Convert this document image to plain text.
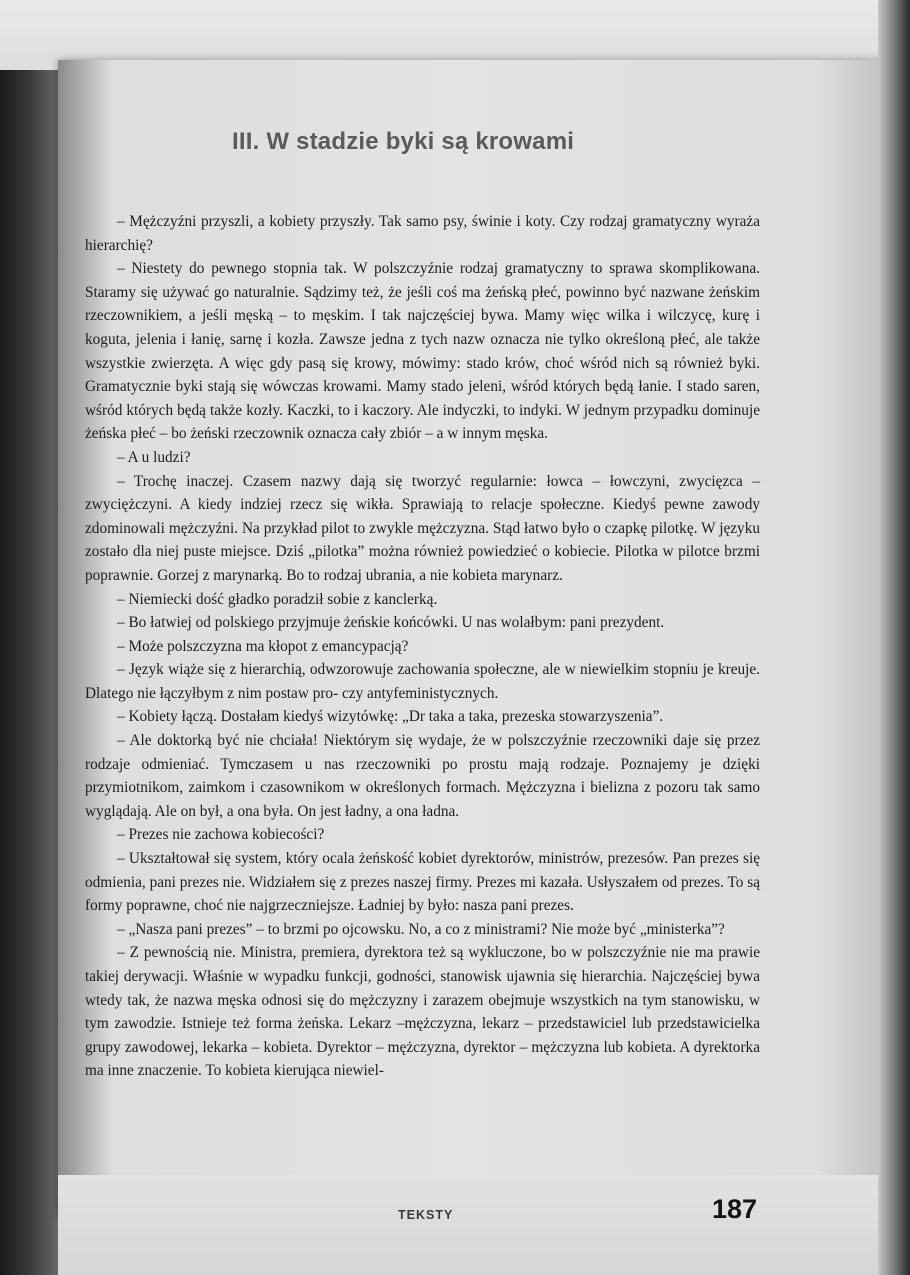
III. W stadzie byki są krowami

– Mężczyźni przyszli, a kobiety przyszły. Tak samo psy, świnie i koty. Czy rodzaj gramatyczny wyraża hierarchię?

– Niestety do pewnego stopnia tak. W polszczyźnie rodzaj gramatyczny to sprawa skomplikowana. Staramy się używać go naturalnie. Sądzimy też, że jeśli coś ma żeńską płeć, powinno być nazwane żeńskim rzeczownikiem, a jeśli męską – to męskim. I tak najczęściej bywa. Mamy więc wilka i wilczycę, kurę i koguta, jelenia i łanię, sarnę i kozła. Zawsze jedna z tych nazw oznacza nie tylko określoną płeć, ale także wszystkie zwierzęta. A więc gdy pasą się krowy, mówimy: stado krów, choć wśród nich są również byki. Gramatycznie byki stają się wówczas krowami. Mamy stado jeleni, wśród których będą łanie. I stado saren, wśród których będą także kozły. Kaczki, to i kaczory. Ale indyczki, to indyki. W jednym przypadku dominuje żeńska płeć – bo żeński rzeczownik oznacza cały zbiór – a w innym męska.

– A u ludzi?

– Trochę inaczej. Czasem nazwy dają się tworzyć regularnie: łowca – łowczyni, zwycięzca – zwyciężczyni. A kiedy indziej rzecz się wikła. Sprawiają to relacje społeczne. Kiedyś pewne zawody zdominowali mężczyźni. Na przykład pilot to zwykle mężczyzna. Stąd łatwo było o czapkę pilotkę. W języku zostało dla niej puste miejsce. Dziś „pilotka” można również powiedzieć o kobiecie. Pilotka w pilotce brzmi poprawnie. Gorzej z marynarką. Bo to rodzaj ubrania, a nie kobieta marynarz.

– Niemiecki dość gładko poradził sobie z kanclerką.

– Bo łatwiej od polskiego przyjmuje żeńskie końcówki. U nas wolałbym: pani prezydent.

– Może polszczyzna ma kłopot z emancypacją?

– Język wiąże się z hierarchią, odwzorowuje zachowania społeczne, ale w niewielkim stopniu je kreuje. Dlatego nie łączyłbym z nim postaw pro- czy antyfeministycznych.

– Kobiety łączą. Dostałam kiedyś wizytówkę: „Dr taka a taka, prezeska stowarzyszenia”.

– Ale doktorką być nie chciała! Niektórym się wydaje, że w polszczyźnie rzeczowniki daje się przez rodzaje odmieniać. Tymczasem u nas rzeczowniki po prostu mają rodzaje. Poznajemy je dzięki przymiotnikom, zaimkom i czasownikom w określonych formach. Mężczyzna i bielizna z pozoru tak samo wyglądają. Ale on był, a ona była. On jest ładny, a ona ładna.

– Prezes nie zachowa kobiecości?

– Ukształtował się system, który ocala żeńskość kobiet dyrektorów, ministrów, prezesów. Pan prezes się odmienia, pani prezes nie. Widziałem się z prezes naszej firmy. Prezes mi kazała. Usłyszałem od prezes. To są formy poprawne, choć nie najgrzeczniejsze. Ładniej by było: nasza pani prezes.

– „Nasza pani prezes” – to brzmi po ojcowsku. No, a co z ministrami? Nie może być „ministerka”?

– Z pewnością nie. Ministra, premiera, dyrektora też są wykluczone, bo w polszczyźnie nie ma prawie takiej derywacji. Właśnie w wypadku funkcji, godności, stanowisk ujawnia się hierarchia. Najczęściej bywa wtedy tak, że nazwa męska odnosi się do mężczyzny i zarazem obejmuje wszystkich na tym stanowisku, w tym zawodzie. Istnieje też forma żeńska. Lekarz –mężczyzna, lekarz – przedstawiciel lub przedstawicielka grupy zawodowej, lekarka – kobieta. Dyrektor – mężczyzna, dyrektor – mężczyzna lub kobieta. A dyrektorka ma inne znaczenie. To kobieta kierująca niewiel-

TEKSTY	187
